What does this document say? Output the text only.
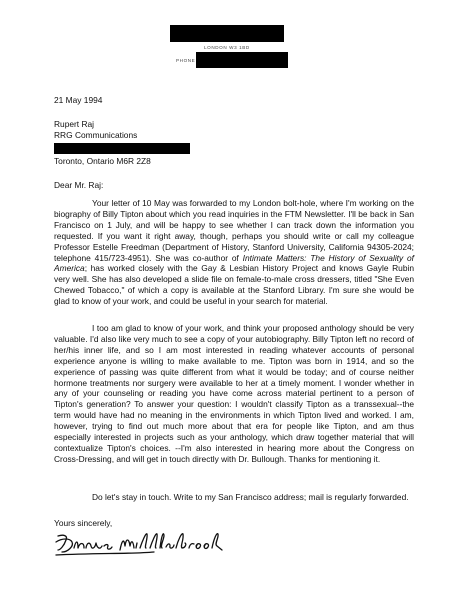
LONDON W3 1BD
PHONE
21 May 1994
Rupert Raj
RRG Communications
Toronto, Ontario M6R 2Z8
Dear Mr. Raj:
Your letter of 10 May was forwarded to my London bolt-hole, where I'm working on the biography of Billy Tipton about which you read inquiries in the FTM Newsletter. I'll be back in San Francisco on 1 July, and will be happy to see whether I can track down the information you requested. If you want it right away, though, perhaps you should write or call my colleague Professor Estelle Freedman (Department of History, Stanford University, California 94305-2024; telephone 415/723-4951). She was co-author of Intimate Matters: The History of Sexuality of America; has worked closely with the Gay & Lesbian History Project and knows Gayle Rubin very well. She has also developed a slide file on female-to-male cross dressers, titled "She Even Chewed Tobacco," of which a copy is available at the Stanford Library. I'm sure she would be glad to know of your work, and could be useful in your search for material.
I too am glad to know of your work, and think your proposed anthology should be very valuable. I'd also like very much to see a copy of your autobiography. Billy Tipton left no record of her/his inner life, and so I am most interested in reading whatever accounts of personal experience anyone is willing to make available to me. Tipton was born in 1914, and so the experience of passing was quite different from what it would be today; and of course neither hormone treatments nor surgery were available to her at a timely moment. I wonder whether in any of your counseling or reading you have come across material pertinent to a person of Tipton's generation? To answer your question: I wouldn't classify Tipton as a transsexual--the term would have had no meaning in the environments in which Tipton lived and worked. I am, however, trying to find out much more about that era for people like Tipton, and am thus especially interested in projects such as your anthology, which draw together material that will contextualize Tipton's choices. --I'm also interested in hearing more about the Congress on Cross-Dressing, and will get in touch directly with Dr. Bullough. Thanks for mentioning it.
Do let's stay in touch. Write to my San Francisco address; mail is regularly forwarded.
Yours sincerely,
